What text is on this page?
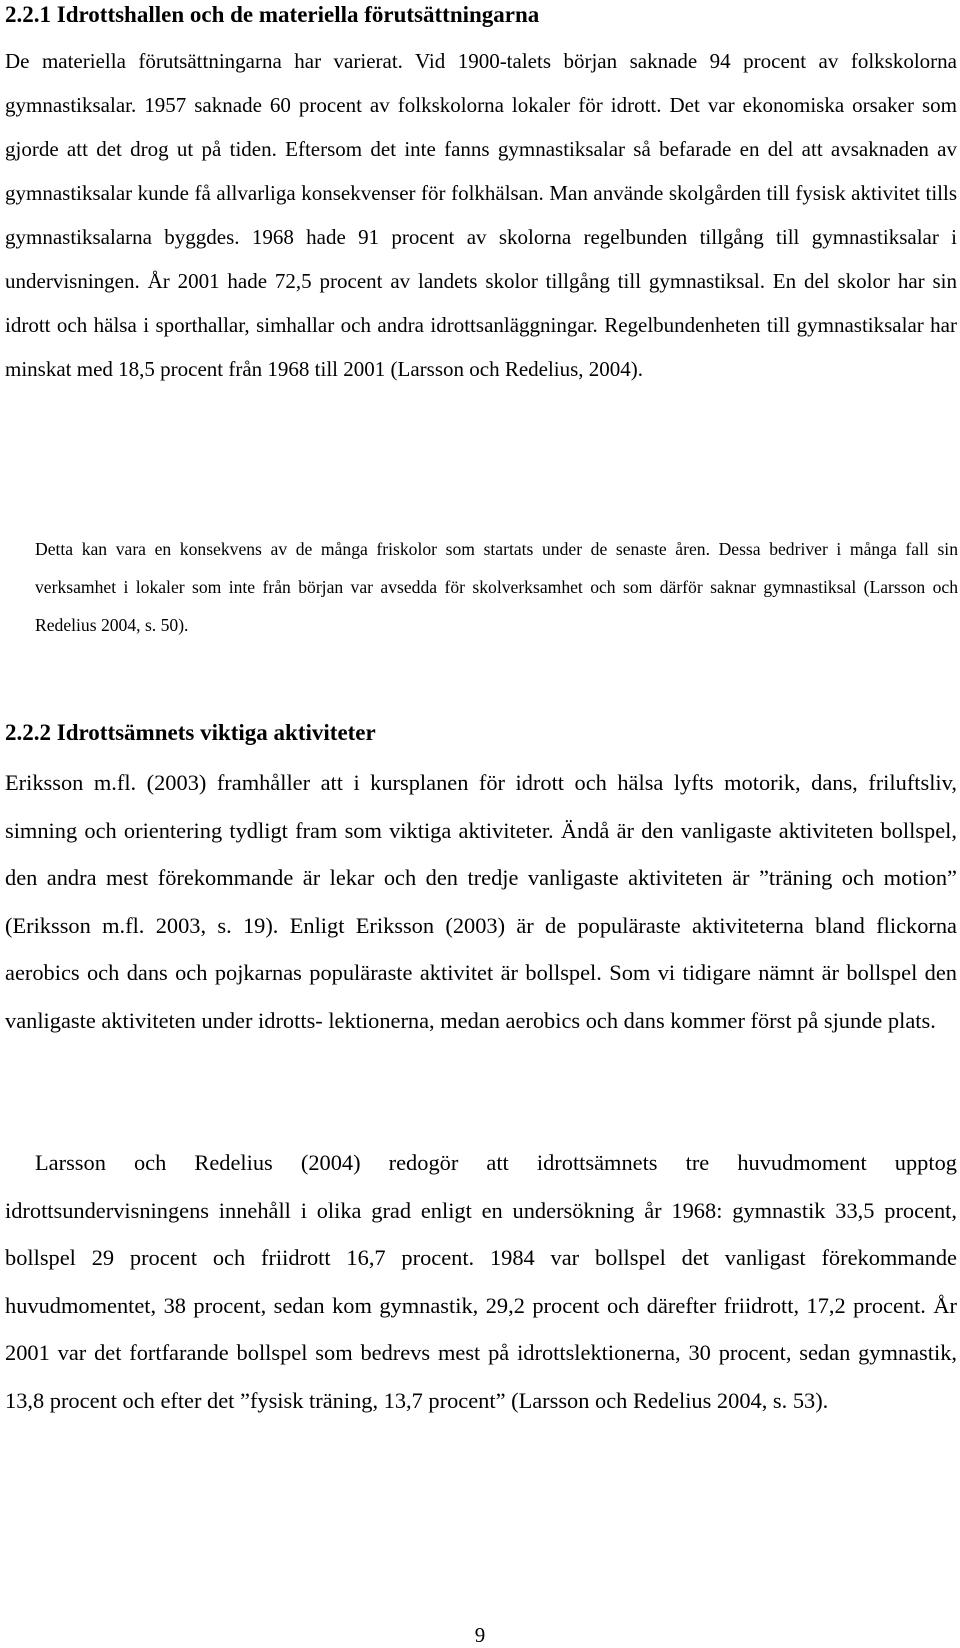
2.2.1 Idrottshallen och de materiella förutsättningarna

De materiella förutsättningarna har varierat. Vid 1900-talets början saknade 94 procent av folkskolorna gymnastiksalar. 1957 saknade 60 procent av folkskolorna lokaler för idrott. Det var ekonomiska orsaker som gjorde att det drog ut på tiden. Eftersom det inte fanns gymnastiksalar så befarade en del att avsaknaden av gymnastiksalar kunde få allvarliga konsekvenser för folkhälsan. Man använde skolgården till fysisk aktivitet tills gymnastiksalarna byggdes. 1968 hade 91 procent av skolorna regelbunden tillgång till gymnastiksalar i undervisningen. År 2001 hade 72,5 procent av landets skolor tillgång till gymnastiksal. En del skolor har sin idrott och hälsa i sporthallar, simhallar och andra idrottsanläggningar. Regelbundenheten till gymnastiksalar har minskat med 18,5 procent från 1968 till 2001 (Larsson och Redelius, 2004).

Detta kan vara en konsekvens av de många friskolor som startats under de senaste åren. Dessa bedriver i många fall sin verksamhet i lokaler som inte från början var avsedda för skolverksamhet och som därför saknar gymnastiksal (Larsson och Redelius 2004, s. 50).

2.2.2 Idrottsämnets viktiga aktiviteter

Eriksson m.fl. (2003) framhåller att i kursplanen för idrott och hälsa lyfts motorik, dans, friluftsliv, simning och orientering tydligt fram som viktiga aktiviteter. Ändå är den vanligaste aktiviteten bollspel, den andra mest förekommande är lekar och den tredje vanligaste aktiviteten är ”träning och motion” (Eriksson m.fl. 2003, s. 19). Enligt Eriksson (2003) är de populäraste aktiviteterna bland flickorna aerobics och dans och pojkarnas populäraste aktivitet är bollspel. Som vi tidigare nämnt är bollspel den vanligaste aktiviteten under idrotts- lektionerna, medan aerobics och dans kommer först på sjunde plats.

Larsson och Redelius (2004) redogör att idrottsämnets tre huvudmoment upptog idrottsundervisningens innehåll i olika grad enligt en undersökning år 1968: gymnastik 33,5 procent, bollspel 29 procent och friidrott 16,7 procent. 1984 var bollspel det vanligast förekommande huvudmomentet, 38 procent, sedan kom gymnastik, 29,2 procent och därefter friidrott, 17,2 procent. År 2001 var det fortfarande bollspel som bedrevs mest på idrottslektionerna, 30 procent, sedan gymnastik, 13,8 procent och efter det ”fysisk träning, 13,7 procent” (Larsson och Redelius 2004, s. 53).

9
